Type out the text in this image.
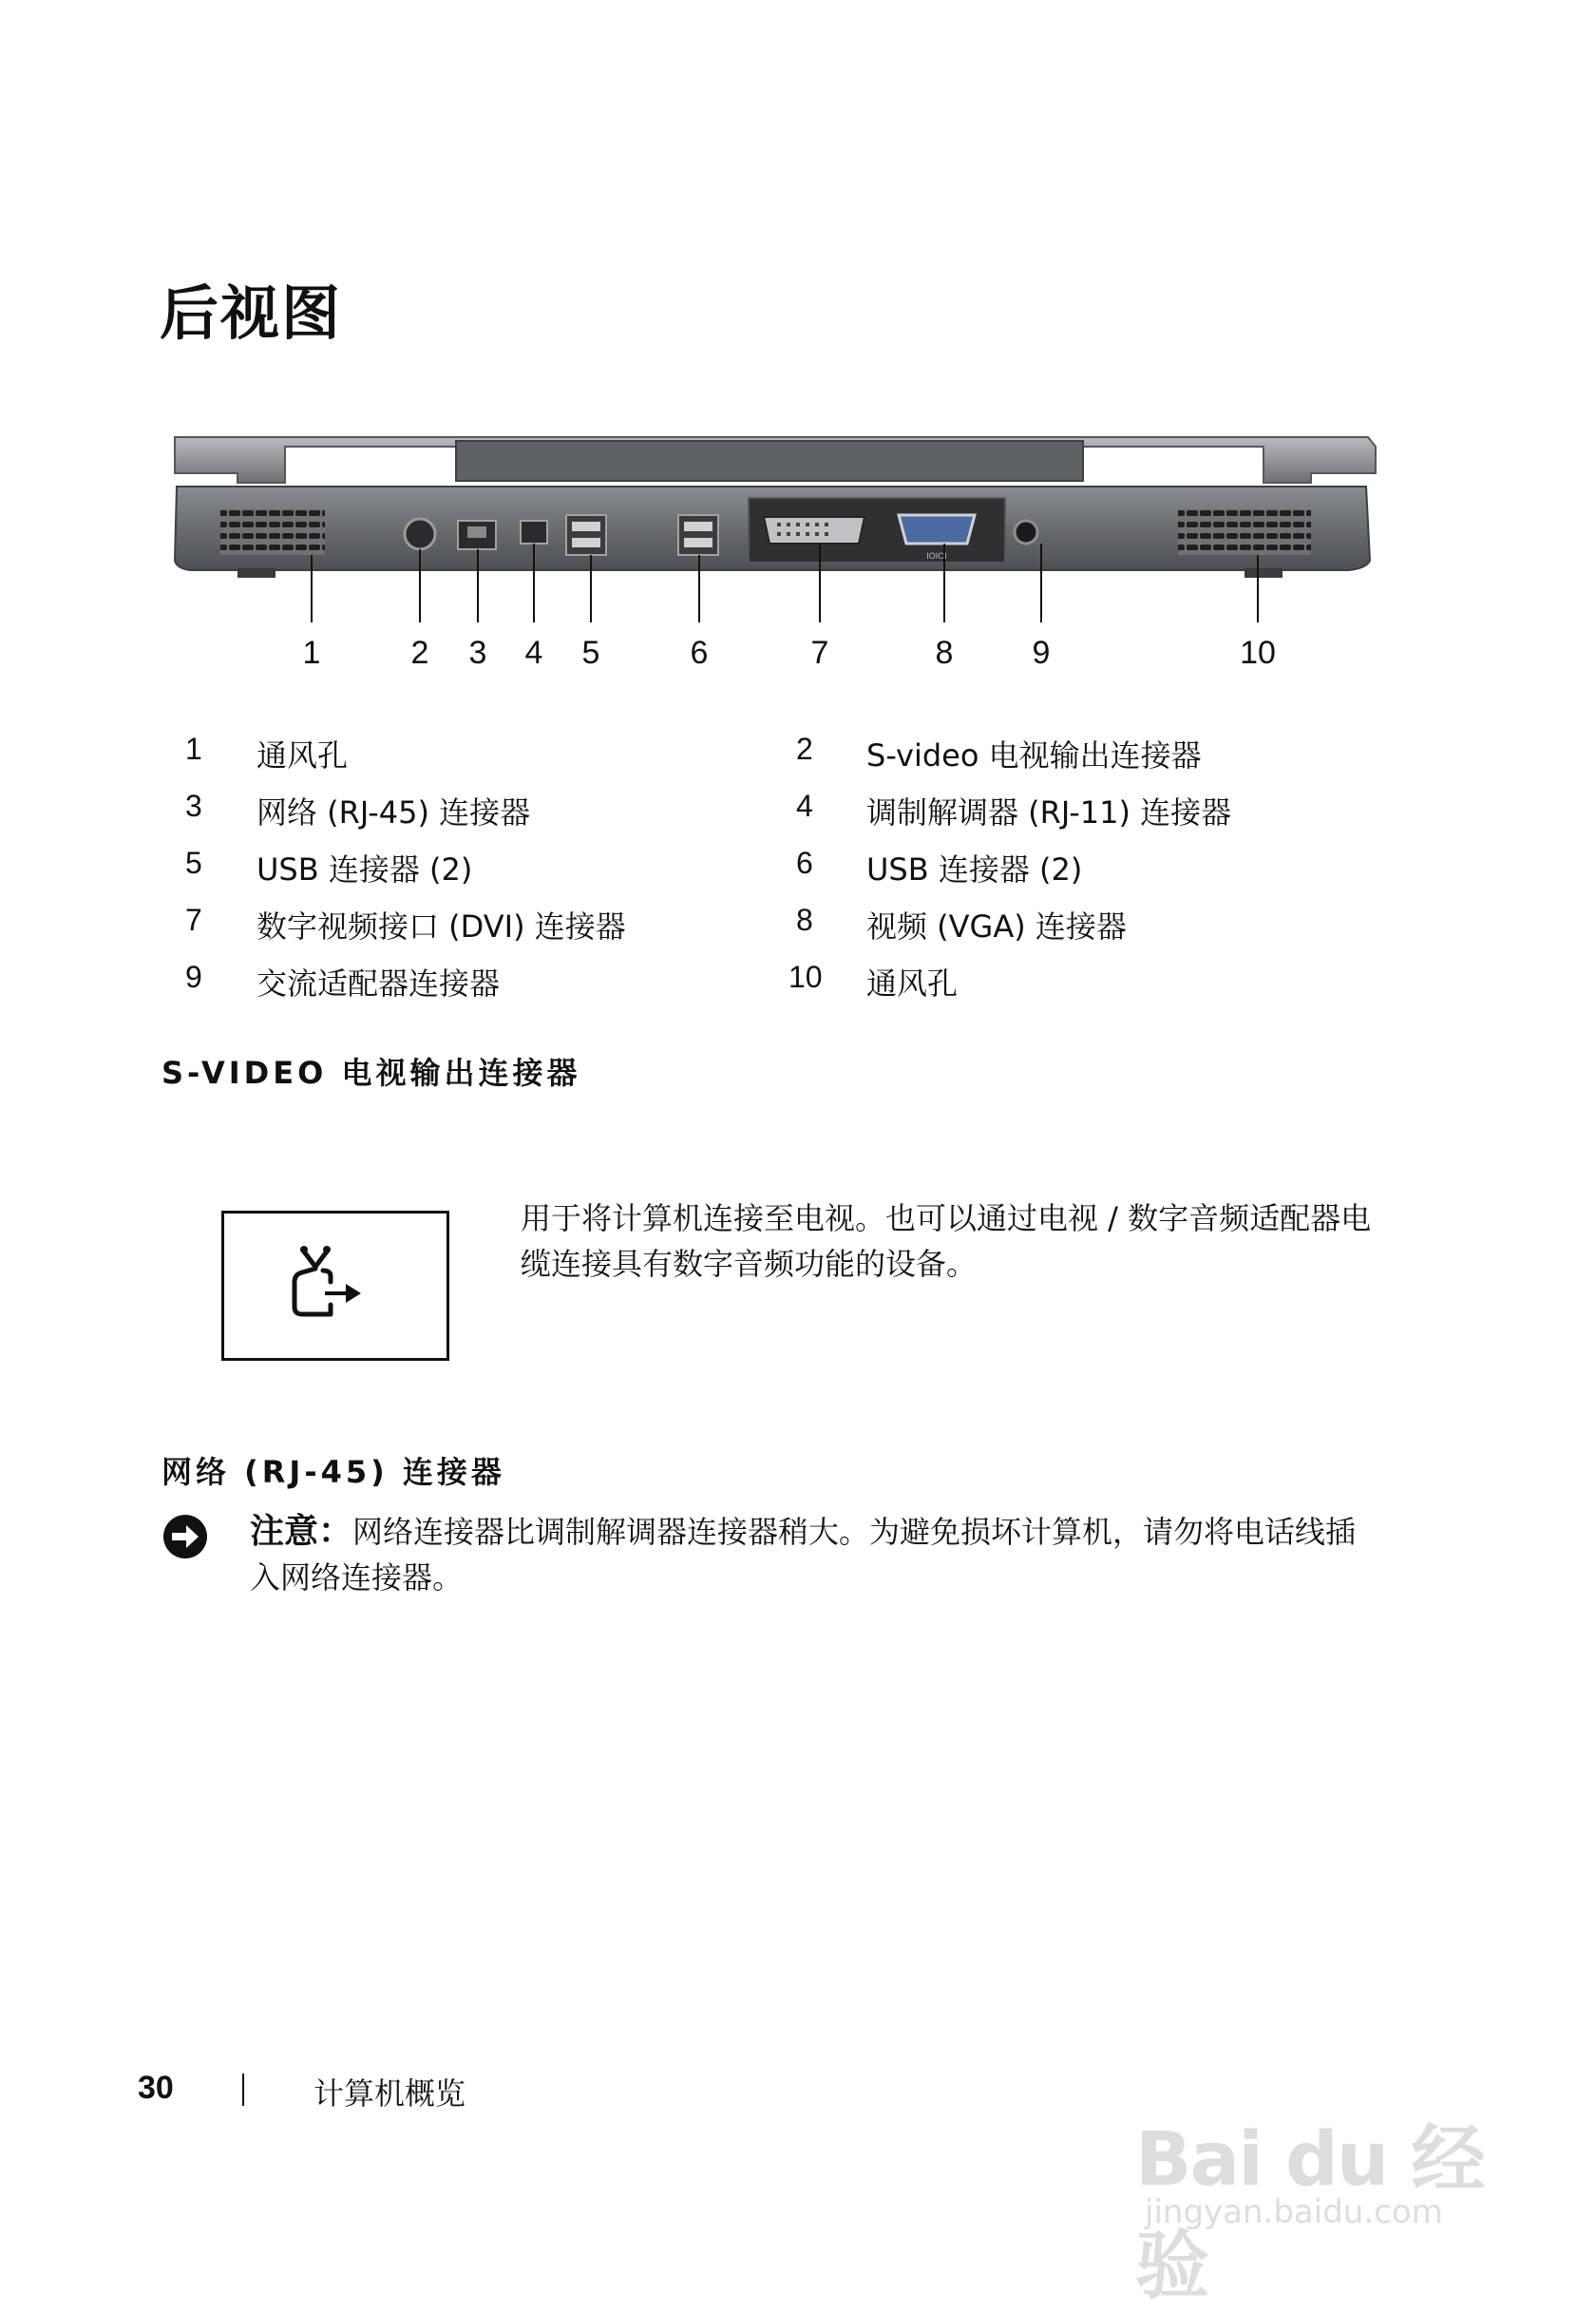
后视图
IOIOI
1	2	3	4	5	6	7	8	9	10
1 通风孔	2 S-video 电视输出连接器
3 网络 (RJ-45) 连接器	4 调制解调器 (RJ-11) 连接器
5 USB 连接器 (2)	6 USB 连接器 (2)
7 数字视频接口 (DVI) 连接器	8 视频 (VGA) 连接器
9 交流适配器连接器	10 通风孔
S-VIDEO 电视输出连接器

用于将计算机连接至电视。也可以通过电视 / 数字音频适配器电缆连接具有数字音频功能的设备。

网络 (RJ-45) 连接器
注意：网络连接器比调制解调器连接器稍大。为避免损坏计算机，请勿将电话线插入网络连接器。
30	计算机概览
Bai du 经验
jingyan.baidu.com
